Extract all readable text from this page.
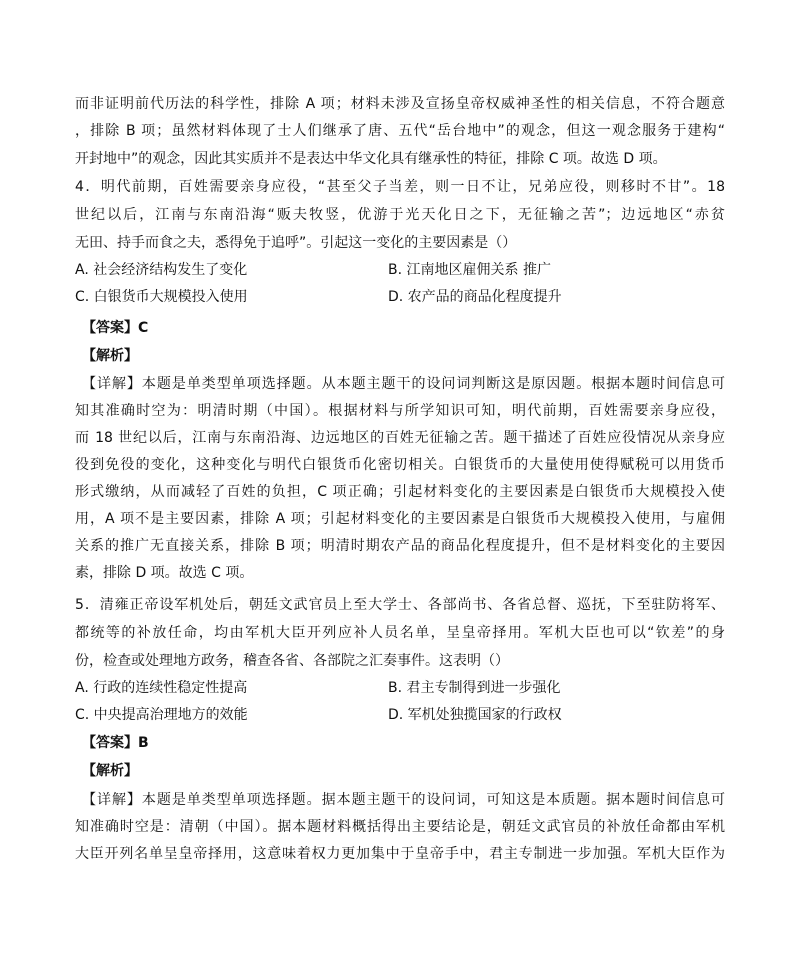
而非证明前代历法的科学性，排除 A 项；材料未涉及宣扬皇帝权威神圣性的相关信息，不符合题意
，排除 B 项；虽然材料体现了士人们继承了唐、五代“岳台地中”的观念，但这一观念服务于建构“
开封地中”的观念，因此其实质并不是表达中华文化具有继承性的特征，排除 C 项。故选 D 项。
4．明代前期，百姓需要亲身应役，“甚至父子当差，则一日不让，兄弟应役，则移时不甘”。18
世纪以后，江南与东南沿海“贩夫牧竖，优游于光天化日之下，无征输之苦”；边远地区“赤贫
无田、持手而食之夫，悉得免于追呼”。引起这一变化的主要因素是（）
A. 社会经济结构发生了变化	B. 江南地区雇佣关系 推广
C. 白银货币大规模投入使用	D. 农产品的商品化程度提升
【答案】C
【解析】
【详解】本题是单类型单项选择题。从本题主题干的设问词判断这是原因题。根据本题时间信息可
知其准确时空为：明清时期（中国）。根据材料与所学知识可知，明代前期，百姓需要亲身应役，
而 18 世纪以后，江南与东南沿海、边远地区的百姓无征输之苦。题干描述了百姓应役情况从亲身应
役到免役的变化，这种变化与明代白银货币化密切相关。白银货币的大量使用使得赋税可以用货币
形式缴纳，从而减轻了百姓的负担，C 项正确；引起材料变化的主要因素是白银货币大规模投入使
用，A 项不是主要因素，排除 A 项；引起材料变化的主要因素是白银货币大规模投入使用，与雇佣
关系的推广无直接关系，排除 B 项；明清时期农产品的商品化程度提升，但不是材料变化的主要因
素，排除 D 项。故选 C 项。
5．清雍正帝设军机处后，朝廷文武官员上至大学士、各部尚书、各省总督、巡抚，下至驻防将军、
都统等的补放任命，均由军机大臣开列应补人员名单，呈皇帝择用。军机大臣也可以“钦差”的身
份，检查或处理地方政务，稽查各省、各部院之汇奏事件。这表明（）
A. 行政的连续性稳定性提高	B. 君主专制得到进一步强化
C. 中央提高治理地方的效能	D. 军机处独揽国家的行政权
【答案】B
【解析】
【详解】本题是单类型单项选择题。据本题主题干的设问词，可知这是本质题。据本题时间信息可
知准确时空是：清朝（中国）。据本题材料概括得出主要结论是，朝廷文武官员的补放任命都由军机
大臣开列名单呈皇帝择用，这意味着权力更加集中于皇帝手中，君主专制进一步加强。军机大臣作为
